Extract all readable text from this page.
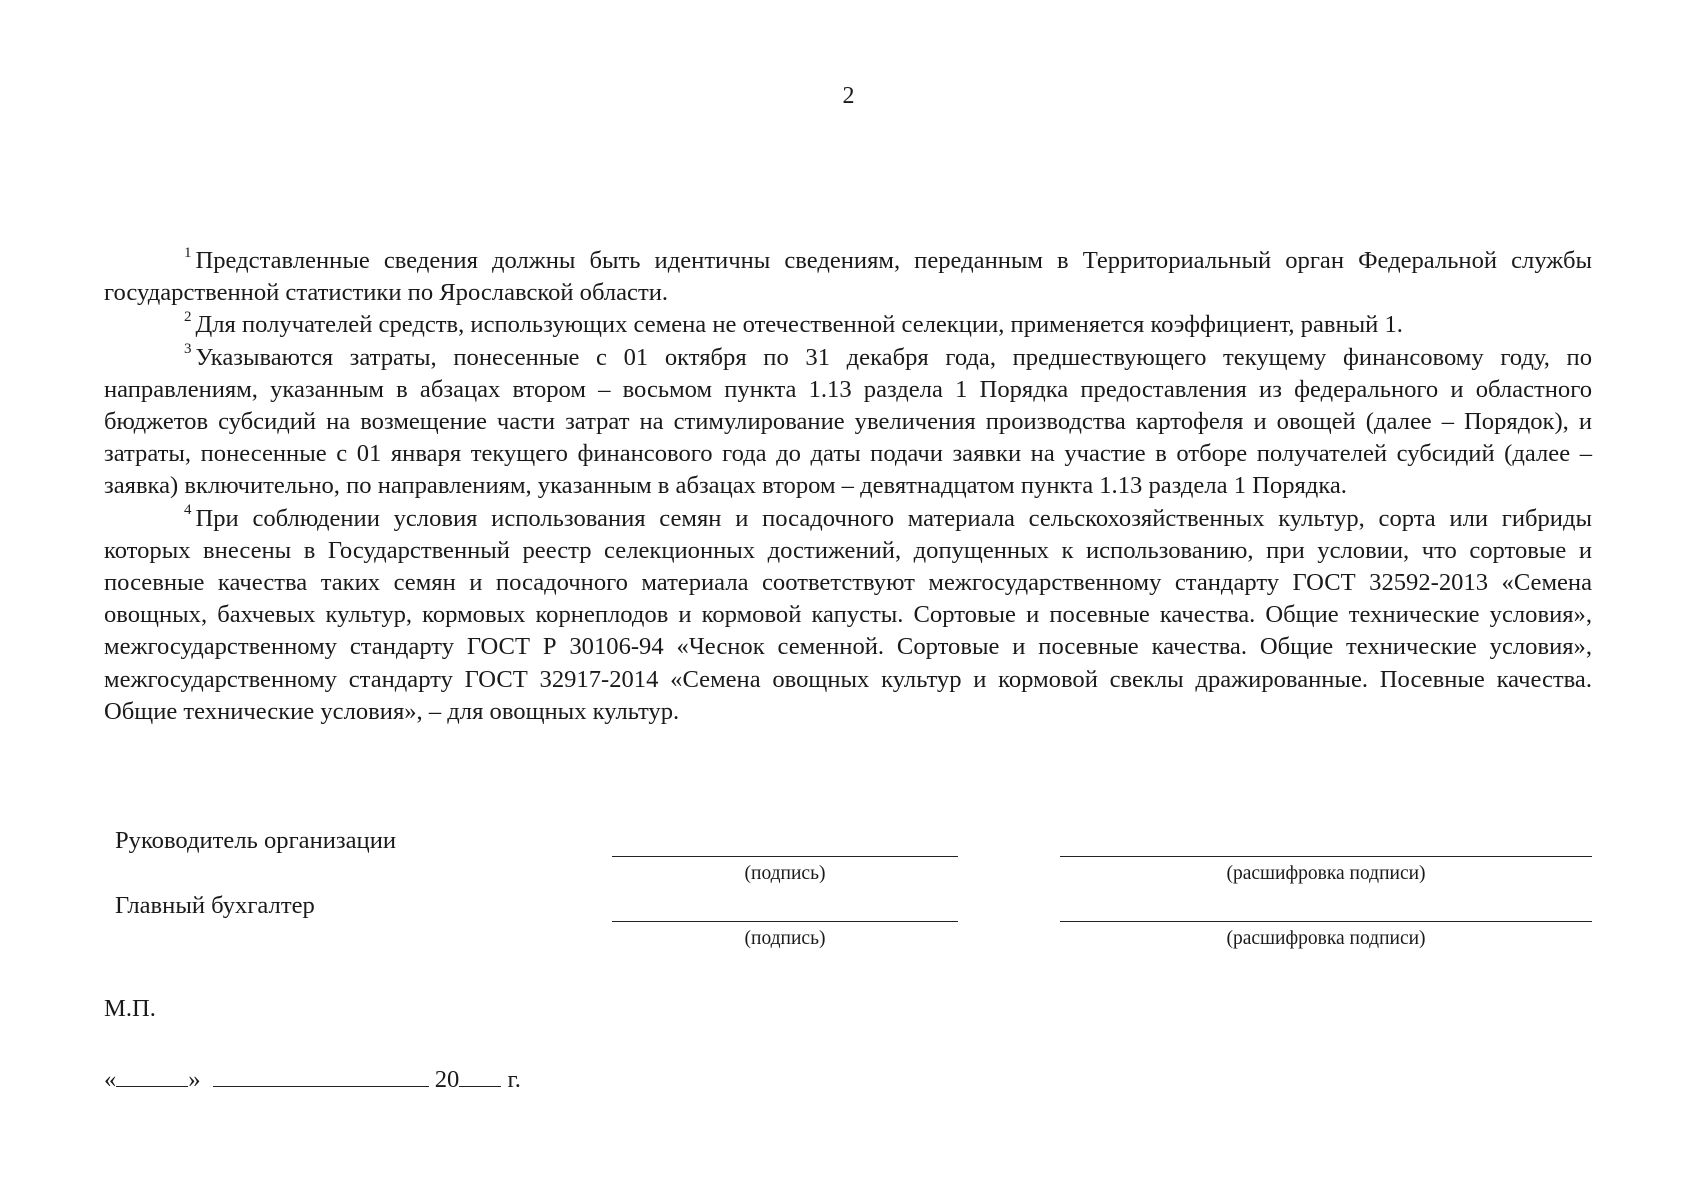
2

$^1$ Представленные сведения должны быть идентичны сведениям, переданным в Территориальный орган Федеральной службы государственной статистики по Ярославской области.

$^2$ Для получателей средств, использующих семена не отечественной селекции, применяется коэффициент, равный 1.

$^3$ Указываются затраты, понесенные с 01 октября по 31 декабря года, предшествующего текущему финансовому году, по направлениям, указанным в абзацах втором – восьмом пункта 1.13 раздела 1 Порядка предоставления из федерального и областного бюджетов субсидий на возмещение части затрат на стимулирование увеличения производства картофеля и овощей (далее – Порядок), и затраты, понесенные с 01 января текущего финансового года до даты подачи заявки на участие в отборе получателей субсидий (далее – заявка) включительно, по направлениям, указанным в абзацах втором – девятнадцатом пункта 1.13 раздела 1 Порядка.

$^4$ При соблюдении условия использования семян и посадочного материала сельскохозяйственных культур, сорта или гибриды которых внесены в Государственный реестр селекционных достижений, допущенных к использованию, при условии, что сортовые и посевные качества таких семян и посадочного материала соответствуют межгосударственному стандарту ГОСТ 32592-2013 «Семена овощных, бахчевых культур, кормовых корнеплодов и кормовой капусты. Сортовые и посевные качества. Общие технические условия», межгосударственному стандарту ГОСТ Р 30106-94 «Чеснок семенной. Сортовые и посевные качества. Общие технические условия», межгосударственному стандарту ГОСТ 32917-2014 «Семена овощных культур и кормовой свеклы дражированные. Посевные качества. Общие технические условия», – для овощных культур.

Руководитель организации
(подпись)	(расшифровка подписи)
Главный бухгалтер
(подпись)	(расшифровка подписи)
М.П.
«	»	20 г.
